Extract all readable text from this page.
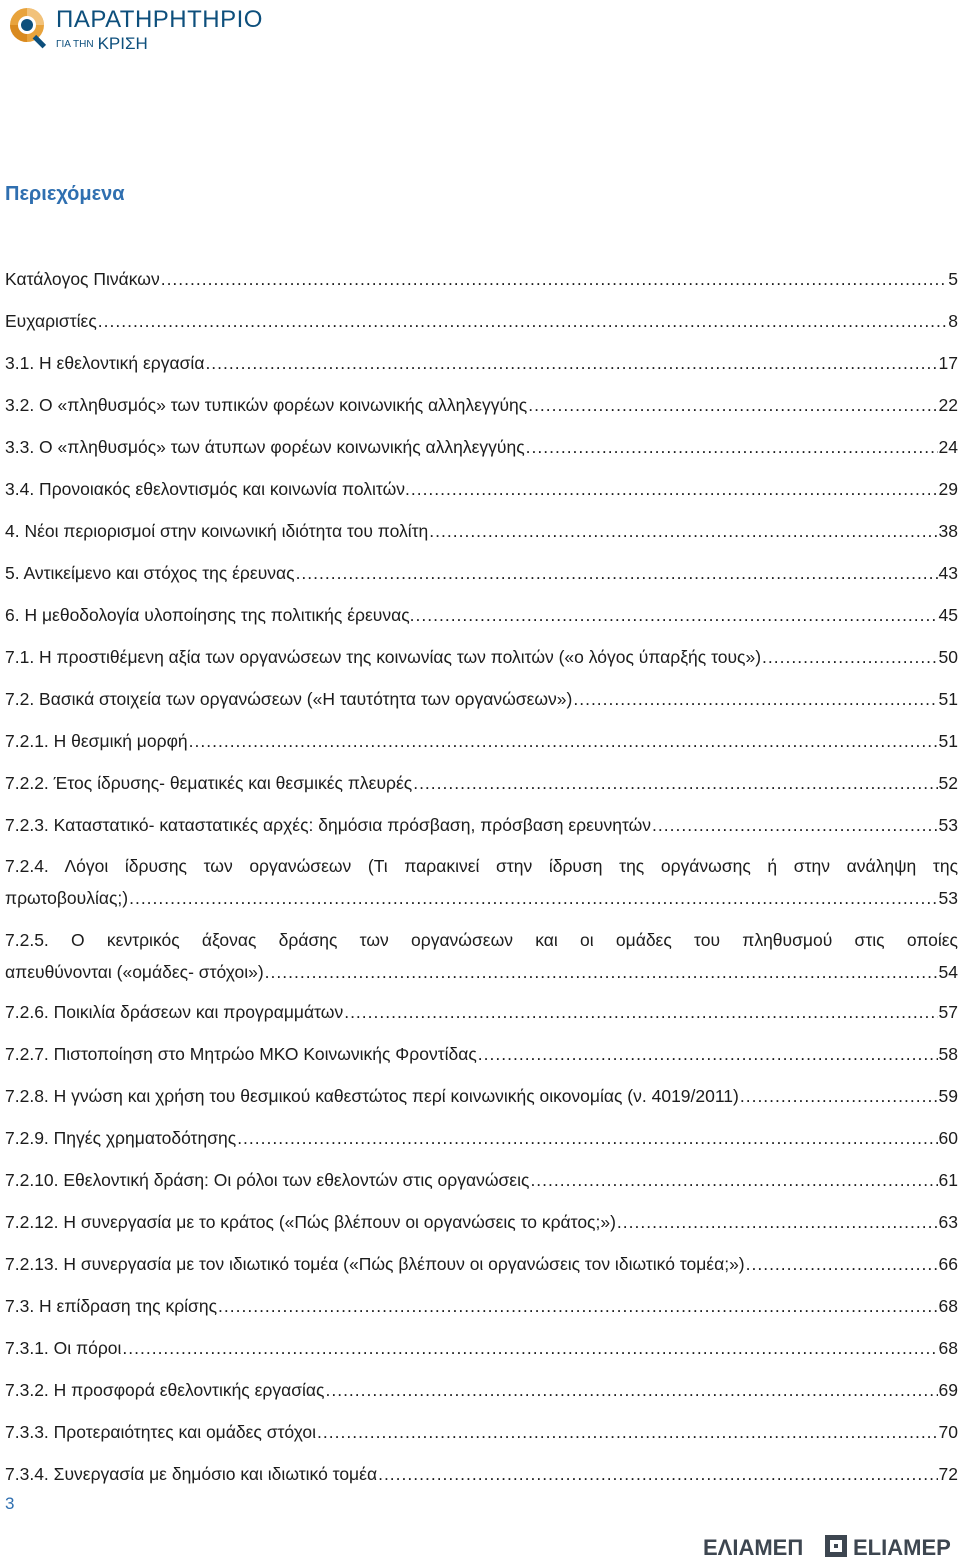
ΠΑΡΑΤΗΡΗΤΗΡΙΟ
ΓΙΑ ΤΗΝ ΚΡΙΣΗ
Περιεχόμενα
Κατάλογος Πινάκων .....	5
Ευχαριστίες .....	8
3.1. Η εθελοντική εργασία .....	17
3.2. Ο «πληθυσμός» των τυπικών φορέων κοινωνικής αλληλεγγύης .....	22
3.3. Ο «πληθυσμός» των άτυπων φορέων κοινωνικής αλληλεγγύης .....	24
3.4. Προνοιακός εθελοντισμός και κοινωνία πολιτών. .....	29
4. Νέοι περιορισμοί στην κοινωνική ιδιότητα του πολίτη .....	38
5. Αντικείμενο και στόχος της έρευνας .....	43
6. Η μεθοδολογία υλοποίησης της πολιτικής έρευνας. .....	45
7.1. Η προστιθέμενη αξία των οργανώσεων της κοινωνίας των πολιτών («ο λόγος ύπαρξής τους») .....	50
7.2. Βασικά στοιχεία των οργανώσεων («Η ταυτότητα των οργανώσεων») .....	51
7.2.1. Η θεσμική μορφή .....	51
7.2.2. Έτος ίδρυσης- θεματικές και θεσμικές πλευρές .....	52
7.2.3. Καταστατικό- καταστατικές αρχές: δημόσια πρόσβαση, πρόσβαση ερευνητών .....	53
7.2.4. Λόγοι ίδρυσης των οργανώσεων (Τι παρακινεί στην ίδρυση της οργάνωσης ή στην ανάληψη της
πρωτοβουλίας;) .....	53
7.2.5. Ο κεντρικός άξονας δράσης των οργανώσεων και οι ομάδες του πληθυσμού στις οποίες
απευθύνονται («ομάδες- στόχοι») .....	54
7.2.6. Ποικιλία δράσεων και προγραμμάτων .....	57
7.2.7. Πιστοποίηση στο Μητρώο ΜΚΟ Κοινωνικής Φροντίδας .....	58
7.2.8. Η γνώση και χρήση του θεσμικού καθεστώτος περί κοινωνικής οικονομίας (ν. 4019/2011) .....	59
7.2.9. Πηγές χρηματοδότησης .....	60
7.2.10. Εθελοντική δράση: Οι ρόλοι των εθελοντών στις οργανώσεις .....	61
7.2.12. Η συνεργασία με το κράτος («Πώς βλέπουν οι οργανώσεις το κράτος;») .....	63
7.2.13. Η συνεργασία με τον ιδιωτικό τομέα («Πώς βλέπουν οι οργανώσεις τον ιδιωτικό τομέα;») .....	66
7.3. Η επίδραση της κρίσης .....	68
7.3.1. Οι πόροι .....	68
7.3.2. Η προσφορά εθελοντικής εργασίας .....	69
7.3.3. Προτεραιότητες και ομάδες στόχοι .....	70
7.3.4. Συνεργασία με δημόσιο και ιδιωτικό τομέα .....	72
3
ΕΛΙΑΜΕΠ ELIAMEP
